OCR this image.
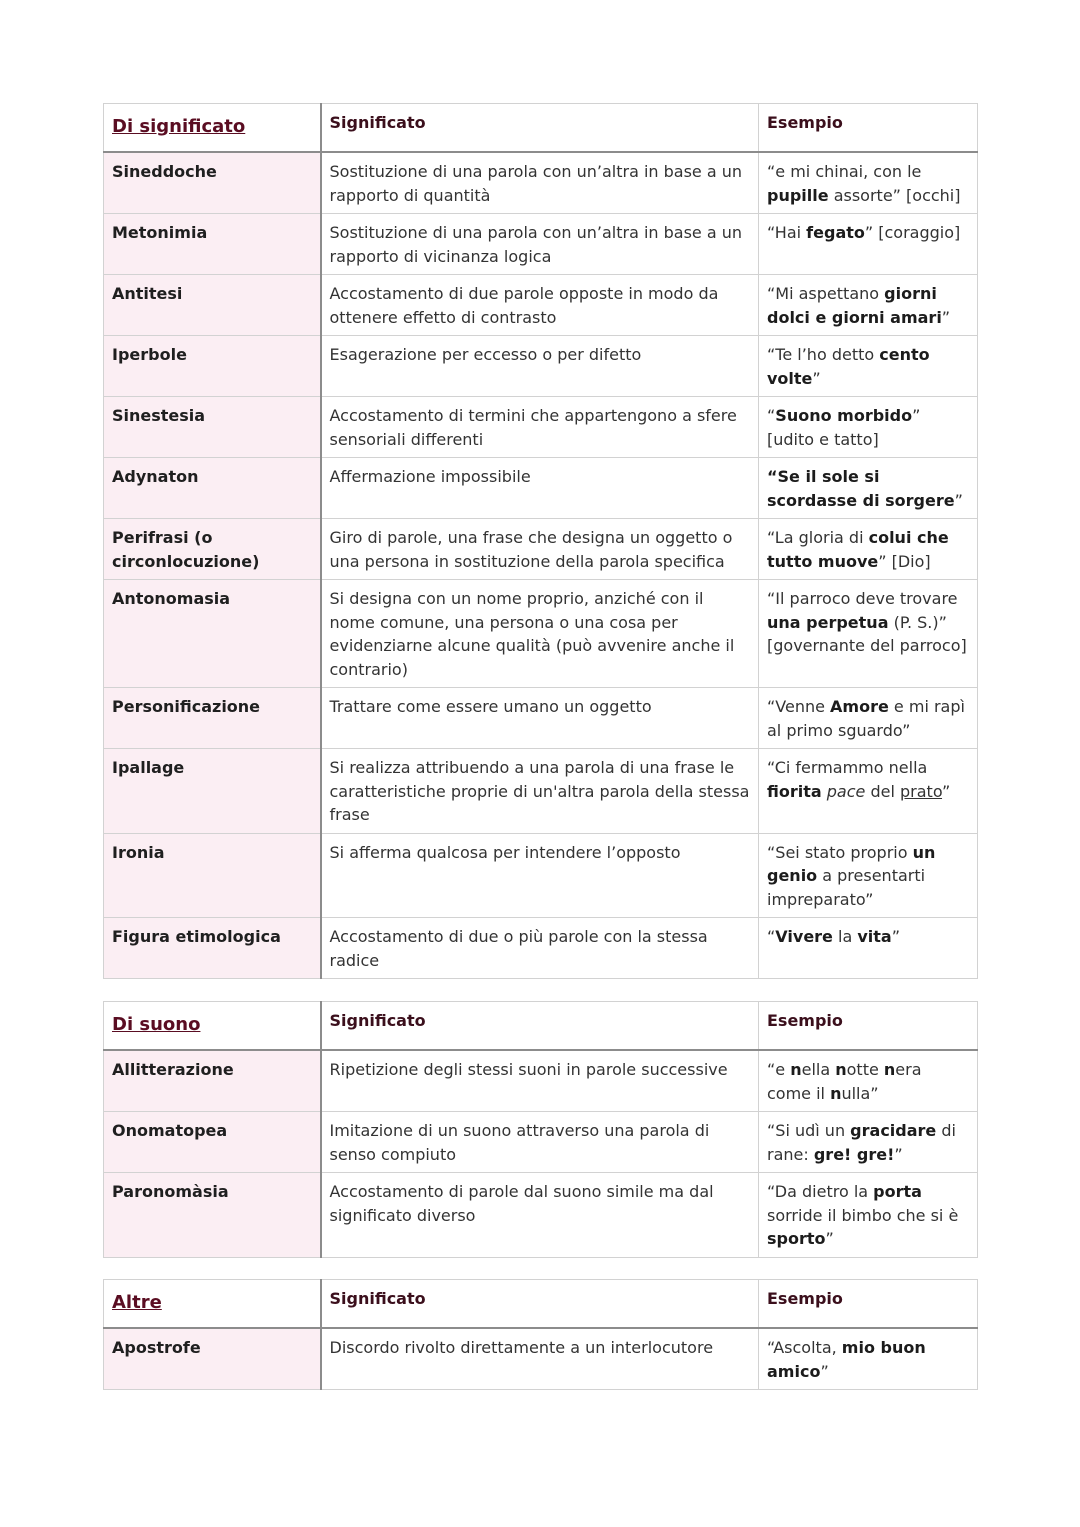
Di significato	Significato	Esempio
Sineddoche	Sostituzione di una parola con un’altra in base a un rapporto di quantità	“e mi chinai, con le pupille assorte” [occhi]
Metonimia	Sostituzione di una parola con un’altra in base a un rapporto di vicinanza logica	“Hai fegato” [coraggio]
Antitesi	Accostamento di due parole opposte in modo da ottenere effetto di contrasto	“Mi aspettano giorni dolci e giorni amari”
Iperbole	Esagerazione per eccesso o per difetto	“Te l’ho detto cento volte”
Sinestesia	Accostamento di termini che appartengono a sfere sensoriali differenti	“Suono morbido” [udito e tatto]
Adynaton	Affermazione impossibile	“Se il sole si scordasse di sorgere”
Perifrasi (o circonlocuzione)	Giro di parole, una frase che designa un oggetto o una persona in sostituzione della parola specifica	“La gloria di colui che tutto muove” [Dio]
Antonomasia	Si designa con un nome proprio, anziché con il nome comune, una persona o una cosa per evidenziarne alcune qualità (può avvenire anche il contrario)	“Il parroco deve trovare una perpetua (P. S.)” [governante del parroco]
Personificazione	Trattare come essere umano un oggetto	“Venne Amore e mi rapì al primo sguardo”
Ipallage	Si realizza attribuendo a una parola di una frase le caratteristiche proprie di un'altra parola della stessa frase	“Ci fermammo nella fiorita pace del prato”
Ironia	Si afferma qualcosa per intendere l’opposto	“Sei stato proprio un genio a presentarti impreparato”
Figura etimologica	Accostamento di due o più parole con la stessa radice	“Vivere la vita”
Di suono	Significato	Esempio
Allitterazione	Ripetizione degli stessi suoni in parole successive	“e nella notte nera come il nulla”
Onomatopea	Imitazione di un suono attraverso una parola di senso compiuto	“Si udì un gracidare di rane: gre! gre!”
Paronomàsia	Accostamento di parole dal suono simile ma dal significato diverso	“Da dietro la porta sorride il bimbo che si è sporto”
Altre	Significato	Esempio
Apostrofe	Discordo rivolto direttamente a un interlocutore	“Ascolta, mio buon amico”
